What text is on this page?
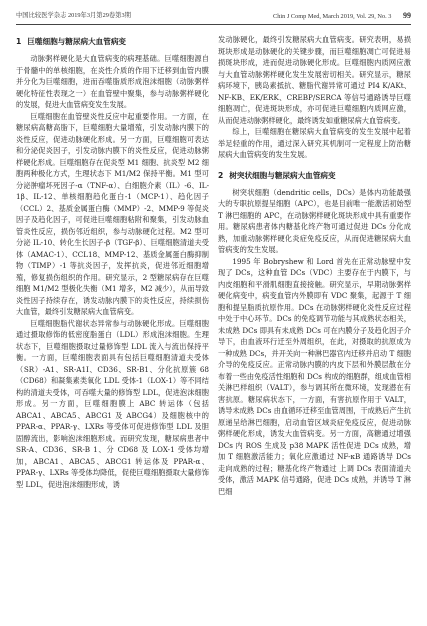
中国比较医学杂志 2019年3月第29卷第3期	Chin J Comp Med, March 2019, Vol. 29, No. 3 99
1 巨噬细胞与糖尿病大血管病变

动脉粥样硬化是大血管病变的病理基础。巨噬细胞源自于骨髓中的单核细胞，在炎性介质的作用下迁移到血管内膜并分化为巨噬细胞，进而吞噬脂质形成泡沫细胞（动脉粥样硬化特征性表现之一）在血管壁中聚集，参与动脉粥样硬化的发展，促进大血管病变发生发展。

巨噬细胞在血管壁炎性反应中起重要作用。一方面，在糖尿病高糖高脂下，巨噬细胞大量增殖，引发动脉内膜下的炎性反应，促进动脉硬化形成。另一方面，巨噬细胞可表达和分泌促炎因子，引发动脉内膜下的炎性反应，促进动脉粥样硬化形成。巨噬细胞存在促炎型 M1 细胞、抗炎型 M2 细胞两种极化方式，生理状态下 M1/M2 保持平衡。M1 型可分泌肿瘤坏死因子-α（TNF-α）、白细胞介素（IL）-6、IL-1β、IL-12、单核细胞趋化蛋白-1（MCP-1）、趋化因子（CCL）2、基质金属蛋白酶（MMP）-2、MMP-9 等促炎因子及趋化因子，可促进巨噬细胞粘附和聚集，引发动脉血管炎性反应，损伤邻近组织，参与动脉硬化过程。M2 型可分泌 IL-10、转化生长因子-β（TGF-β）、巨噬细胞清道夫受体（AMAC-1）、CCL18、MMP-12、基质金属蛋白酶抑制物（TIMP）-1 等抗炎因子，发挥抗炎，促进邻近细胞增殖，修复损伤组织的作用。研究显示，2 型糖尿病存在巨噬细胞 M1/M2 型极化失衡（M1 增多，M2 减少），从而导致炎性因子持续存在，诱发动脉内膜下的炎性反应，持续损伤大血管，最终引发糖尿病大血管病变。

巨噬细胞脂代谢状态异常参与动脉硬化形成。巨噬细胞通过摄取修饰的低密度脂蛋白（LDL）形成泡沫细胞。生理状态下，巨噬细胞摄取过量修饰型 LDL 流入与流出保持平衡。一方面，巨噬细胞表面具有包括巨噬细胞清道夫受体（SR）-A1、SR-A1I、CD36、SR-B1、分化抗原簇 68（CD68）和凝集素类氧化 LDL 受体-1（LOX-1）等不同结构的清道夫受体，可吞噬大量的修饰型 LDL，促进泡沫细胞形成。另一方面，巨噬细胞膜上 ABC 转运体（包括 ABCA1、ABCA5、ABCG1 及 ABCG4）及细胞核中的 PPAR-α、PPAR-γ、LXRs 等受体可促进修饰型 LDL 及胆固醇流出，影响泡沫细胞形成。而研究发现，糖尿病患者中 SR-A、CD36、SR-B 1、分 CD68 及 LOX-1 受体均增加，ABCA1、ABCA5、ABCG1 转运体及 PPAR-α、PPAR-γ、LXRs 等受体均降低，促使巨噬细胞摄取大量修饰型 LDL，促进泡沫细胞形成，诱

发动脉硬化，最终引发糖尿病大血管病变。研究表明，易损斑块形成是动脉硬化的关键步骤，而巨噬细胞凋亡可促进易损斑块形成，进而促进动脉硬化形成。巨噬细胞内质网应激与大血管动脉粥样硬化发生发展密切相关。研究显示，糖尿病环境下，胰岛素抵抗、糖脂代谢异常可通过 PI4 K/AKt、NF-KB、EK/ERK、CREBP/SERCA 等信号通路诱导巨噬细胞凋亡，促进斑块形成，亦可促进巨噬细胞内质网应激，从而促进动脉粥样硬化，最终诱发如重糖尿病大血管病变。

综上，巨噬细胞在糖尿病大血管病变的发生发展中起着举足轻重的作用，通过深入研究其机制可一定程度上防治糖尿病大血管病变的发生发展。

2 树突状细胞与糖尿病大血管病变

树突状细胞（dendritic cells，DCs）是体内功能最强大的专职抗原提呈细胞（APC），也是目前唯一能激活初始型 T 淋巴细胞的 APC，在动脉粥样硬化斑块形成中具有重要作用。糖尿病患者体内糖基化终产物可通过促进 DCs 分化成熟，加重动脉粥样硬化炎症免疫反应，从而促进糖尿病大血管病变的发生发展。

1995 年 Bobryshew 和 Lord 首先在正常动脉壁中发现了 DCs，这种血管 DCs（VDC）主要存在于内膜下，与内皮细胞和平滑肌细胞直接接触。研究显示，早期动脉粥样硬化病变中，病变血管内外膜即有 VDC 聚集，起源于 T 细胞和提呈脂质抗原作用。DCs 在动脉粥样硬化炎性反应过程中处于中心环节。DCs 的免疫调节功能与其成熟状态相关，未成熟 DCs 即具有未成熟 DCs 可在内膜分子及趋化因子介导下，由血液环行迁至外周组织，在此，对摄取的抗原成为一种成熟 DCs，并开关向一种淋巴器官内迁移并启动 T 细胞介导的免疫反应。正常动脉内膜的内皮下层和外膜层散在分布着一些由免疫活性细胞和 DCs 构成的细胞群，组成血管相关淋巴样组织（VALT），参与调其所在微环境，发现潜在有害抗原。糖尿病状态下，一方面，有害抗原作用于 VALT，诱导未成熟 DCs 由血循环迁移至血管周围，干成熟后产生抗原递呈给淋巴细胞，启动血管区域炎症免疫反应，促进动脉粥样硬化形成，诱发大血管病变。另一方面，高糖通过增强 DCs 内 ROS 生成及 p38 MAPK 活性促进 DCs 成熟，增加 T 细胞激活能力；氧化应激通过 NF-κB 通路诱导 DCs 走向成熟的过程；糖基化终产物通过 上调 DCs 表面清道夫受体，激活 MAPK 信号通路，促进 DCs 成熟，并诱导 T 淋巴细
